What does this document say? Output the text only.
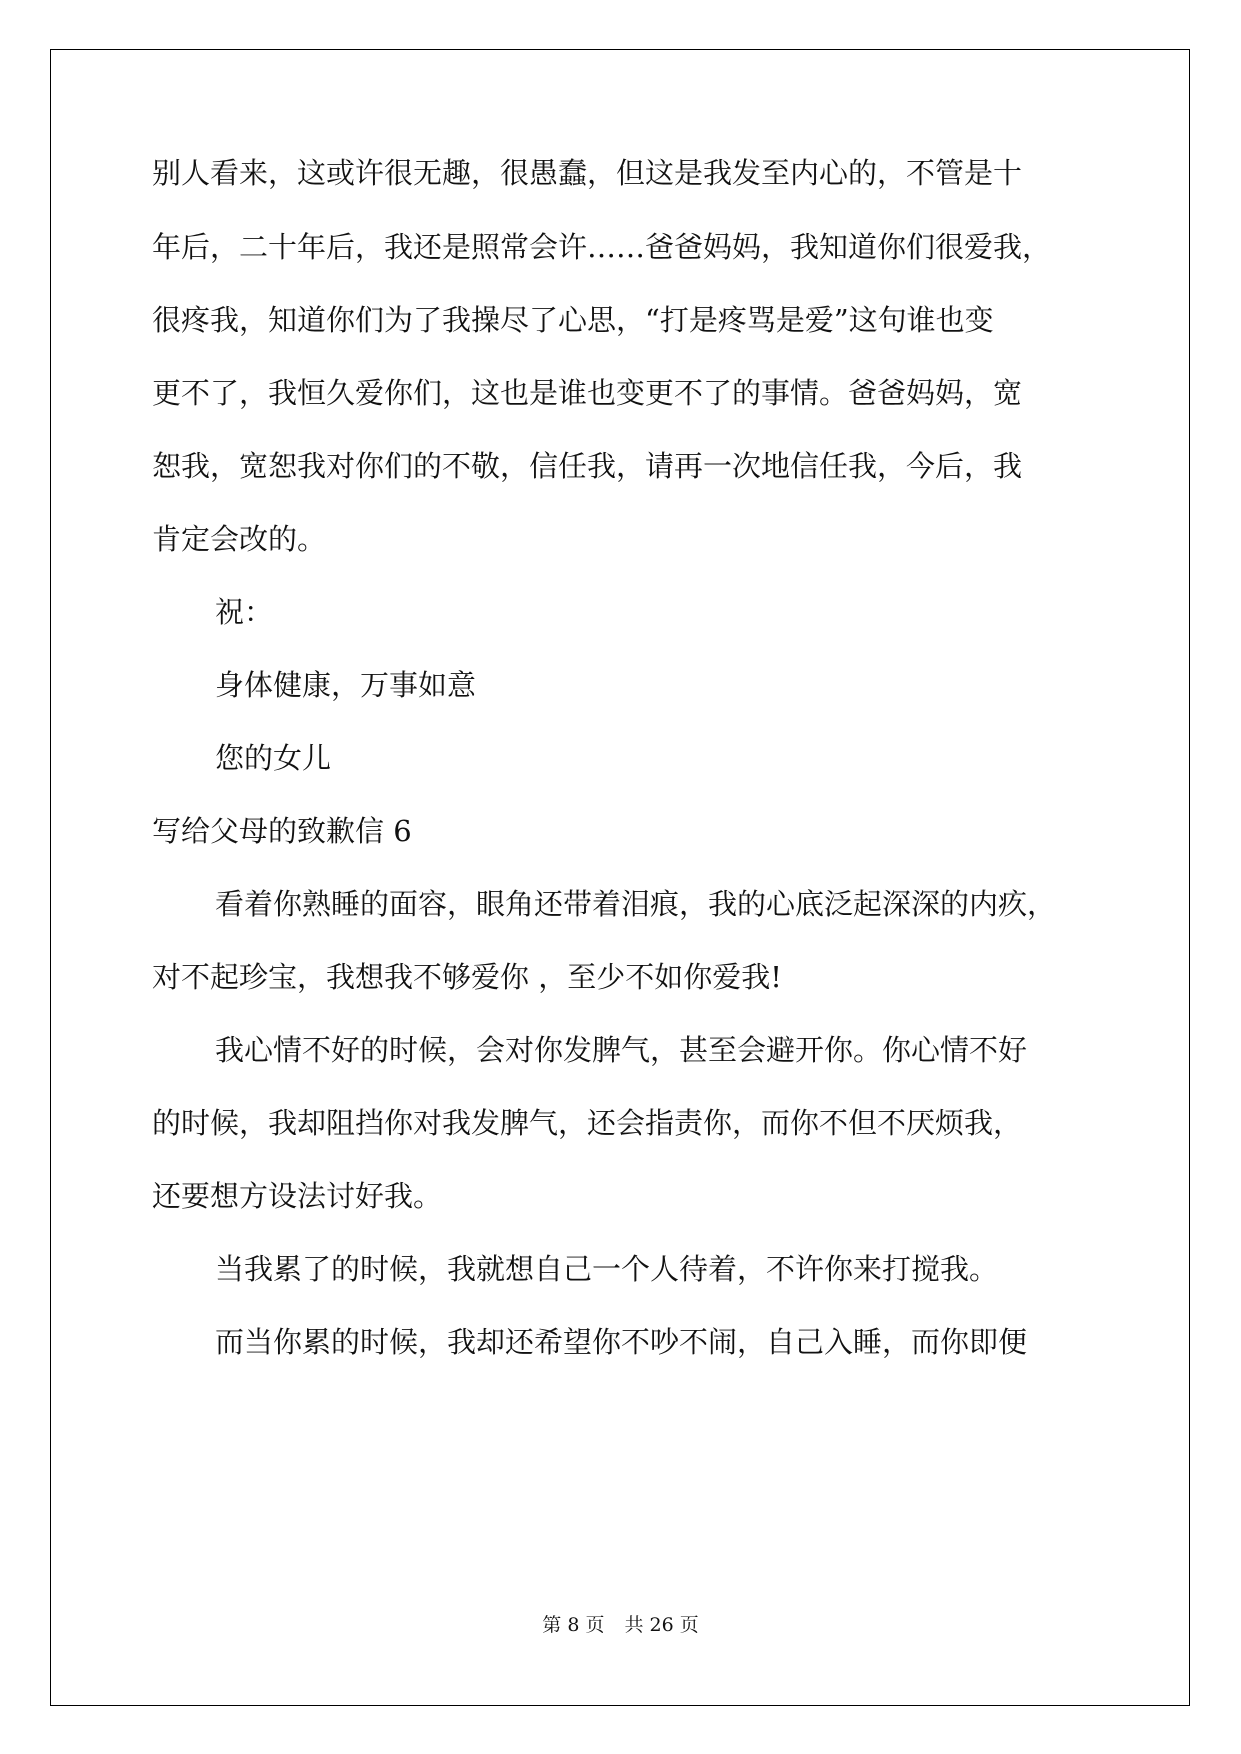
别人看来，这或许很无趣，很愚蠢，但这是我发至内心的，不管是十

年后，二十年后，我还是照常会许……爸爸妈妈，我知道你们很爱我，

很疼我，知道你们为了我操尽了心思，“打是疼骂是爱”这句谁也变

更不了，我恒久爱你们，这也是谁也变更不了的事情。爸爸妈妈，宽

恕我，宽恕我对你们的不敬，信任我，请再一次地信任我，今后，我

肯定会改的。

祝：

身体健康，万事如意

您的女儿

写给父母的致歉信 6

看着你熟睡的面容，眼角还带着泪痕，我的心底泛起深深的内疚，

对不起珍宝，我想我不够爱你 ，至少不如你爱我!

我心情不好的时候，会对你发脾气，甚至会避开你。你心情不好

的时候，我却阻挡你对我发脾气，还会指责你，而你不但不厌烦我，

还要想方设法讨好我。

当我累了的时候，我就想自己一个人待着，不许你来打搅我。

而当你累的时候，我却还希望你不吵不闹，自己入睡，而你即便

第 8 页 共 26 页
